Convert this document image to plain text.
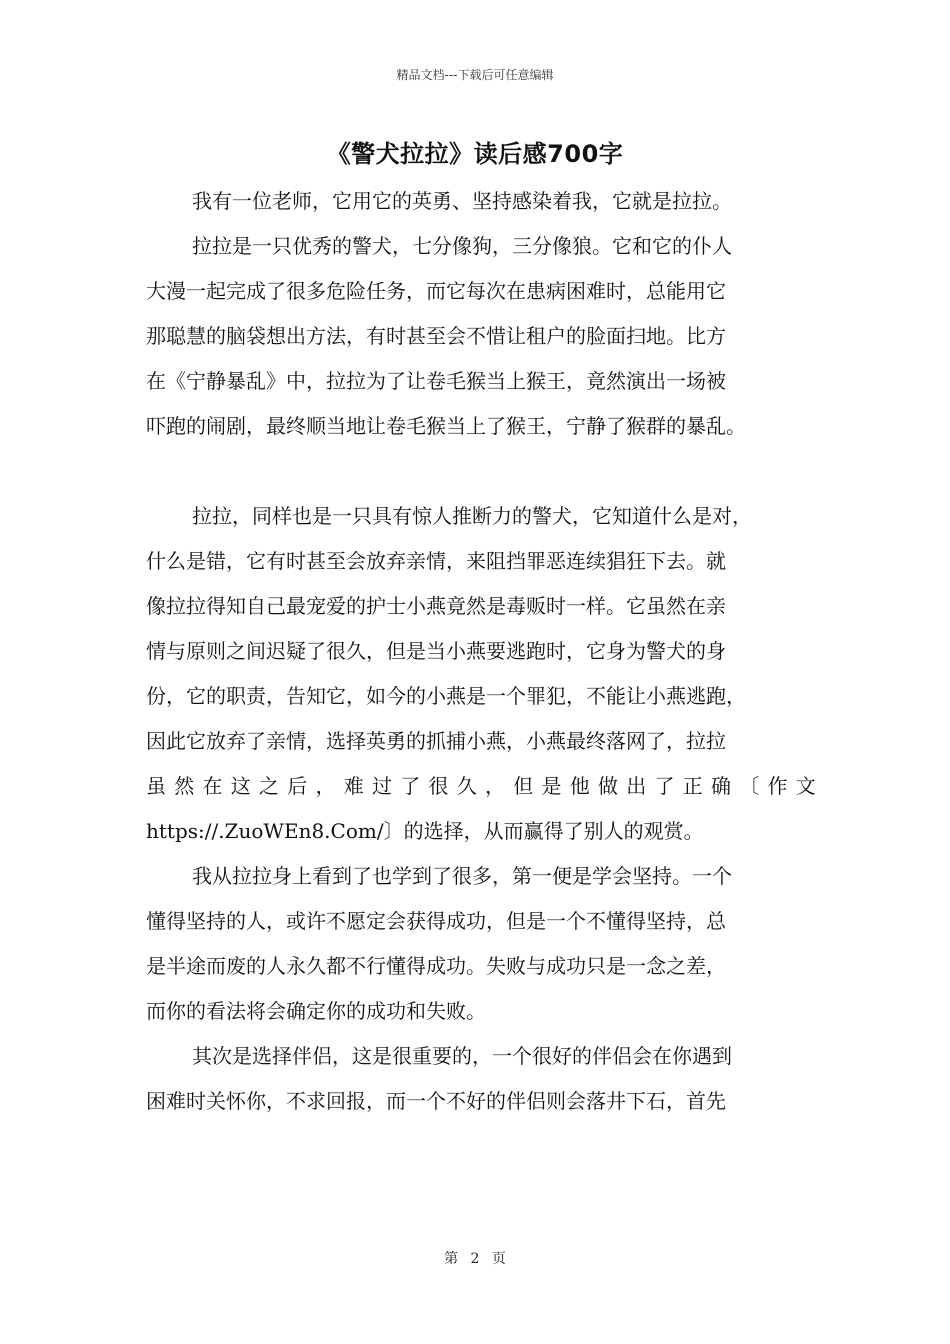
精品文档---下载后可任意编辑
《警犬拉拉》读后感700字
我有一位老师，它用它的英勇、坚持感染着我，它就是拉拉。
拉拉是一只优秀的警犬，七分像狗，三分像狼。它和它的仆人
大漫一起完成了很多危险任务，而它每次在患病困难时，总能用它
那聪慧的脑袋想出方法，有时甚至会不惜让租户的脸面扫地。比方
在《宁静暴乱》中，拉拉为了让卷毛猴当上猴王，竟然演出一场被
吓跑的闹剧，最终顺当地让卷毛猴当上了猴王，宁静了猴群的暴乱。
拉拉，同样也是一只具有惊人推断力的警犬，它知道什么是对，
什么是错，它有时甚至会放弃亲情，来阻挡罪恶连续猖狂下去。就
像拉拉得知自己最宠爱的护士小燕竟然是毒贩时一样。它虽然在亲
情与原则之间迟疑了很久，但是当小燕要逃跑时，它身为警犬的身
份，它的职责，告知它，如今的小燕是一个罪犯，不能让小燕逃跑，
因此它放弃了亲情，选择英勇的抓捕小燕，小燕最终落网了，拉拉
虽 然 在 这 之 后 ， 难 过 了 很 久 ， 但 是 他 做 出 了 正 确 〔 作 文
https://.ZuoWEn8.Com/〕的选择，从而赢得了别人的观赏。
我从拉拉身上看到了也学到了很多，第一便是学会坚持。一个
懂得坚持的人，或许不愿定会获得成功，但是一个不懂得坚持，总
是半途而废的人永久都不行懂得成功。失败与成功只是一念之差，
而你的看法将会确定你的成功和失败。
其次是选择伴侣，这是很重要的，一个很好的伴侣会在你遇到
困难时关怀你，不求回报，而一个不好的伴侣则会落井下石，首先
第 2 页
